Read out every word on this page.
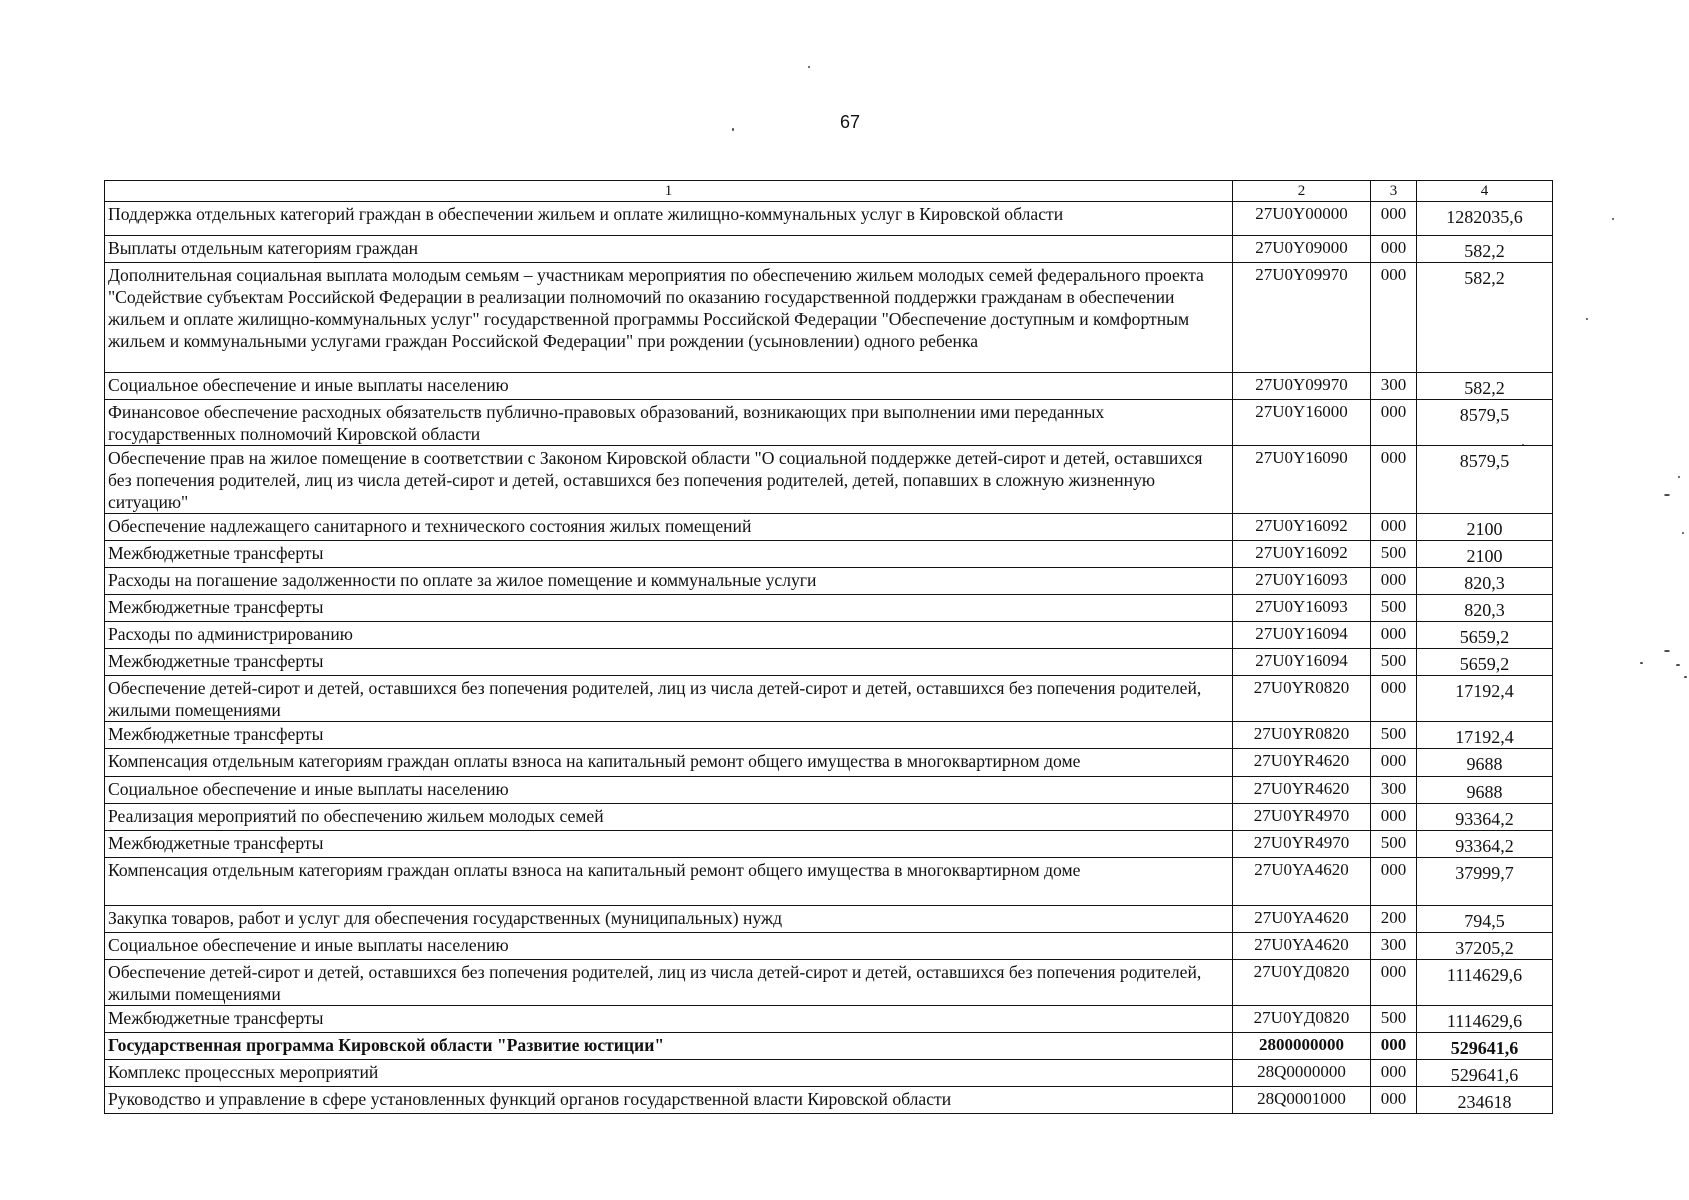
67
1	2	3	4
Поддержка отдельных категорий граждан в обеспечении жильем и оплате жилищно-коммунальных услуг в Кировской области	27U0Y00000	000	1282035,6
Выплаты отдельным категориям граждан	27U0Y09000	000	582,2
Дополнительная социальная выплата молодым семьям – участникам мероприятия по обеспечению жильем молодых семей федерального проекта "Содействие субъектам Российской Федерации в реализации полномочий по оказанию государственной поддержки гражданам в обеспечении жильем и оплате жилищно-коммунальных услуг" государственной программы Российской Федерации "Обеспечение доступным и комфортным жильем и коммунальными услугами граждан Российской Федерации" при рождении (усыновлении) одного ребенка	27U0Y09970	000	582,2
Социальное обеспечение и иные выплаты населению	27U0Y09970	300	582,2
Финансовое обеспечение расходных обязательств публично-правовых образований, возникающих при выполнении ими переданных государственных полномочий Кировской области	27U0Y16000	000	8579,5
Обеспечение прав на жилое помещение в соответствии с Законом Кировской области "О социальной поддержке детей-сирот и детей, оставшихся без попечения родителей, лиц из числа детей-сирот и детей, оставшихся без попечения родителей, детей, попавших в сложную жизненную ситуацию"	27U0Y16090	000	8579,5
Обеспечение надлежащего санитарного и технического состояния жилых помещений	27U0Y16092	000	2100
Межбюджетные трансферты	27U0Y16092	500	2100
Расходы на погашение задолженности по оплате за жилое помещение и коммунальные услуги	27U0Y16093	000	820,3
Межбюджетные трансферты	27U0Y16093	500	820,3
Расходы по администрированию	27U0Y16094	000	5659,2
Межбюджетные трансферты	27U0Y16094	500	5659,2
Обеспечение детей-сирот и детей, оставшихся без попечения родителей, лиц из числа детей-сирот и детей, оставшихся без попечения родителей, жилыми помещениями	27U0YR0820	000	17192,4
Межбюджетные трансферты	27U0YR0820	500	17192,4
Компенсация отдельным категориям граждан оплаты взноса на капитальный ремонт общего имущества в многоквартирном доме	27U0YR4620	000	9688
Социальное обеспечение и иные выплаты населению	27U0YR4620	300	9688
Реализация мероприятий по обеспечению жильем молодых семей	27U0YR4970	000	93364,2
Межбюджетные трансферты	27U0YR4970	500	93364,2
Компенсация отдельным категориям граждан оплаты взноса на капитальный ремонт общего имущества в многоквартирном доме	27U0YA4620	000	37999,7
Закупка товаров, работ и услуг для обеспечения государственных (муниципальных) нужд	27U0YA4620	200	794,5
Социальное обеспечение и иные выплаты населению	27U0YA4620	300	37205,2
Обеспечение детей-сирот и детей, оставшихся без попечения родителей, лиц из числа детей-сирот и детей, оставшихся без попечения родителей, жилыми помещениями	27U0YД0820	000	1114629,6
Межбюджетные трансферты	27U0YД0820	500	1114629,6
Государственная программа Кировской области "Развитие юстиции"	2800000000	000	529641,6
Комплекс процессных мероприятий	28Q0000000	000	529641,6
Руководство и управление в сфере установленных функций органов государственной власти Кировской области	28Q0001000	000	234618
